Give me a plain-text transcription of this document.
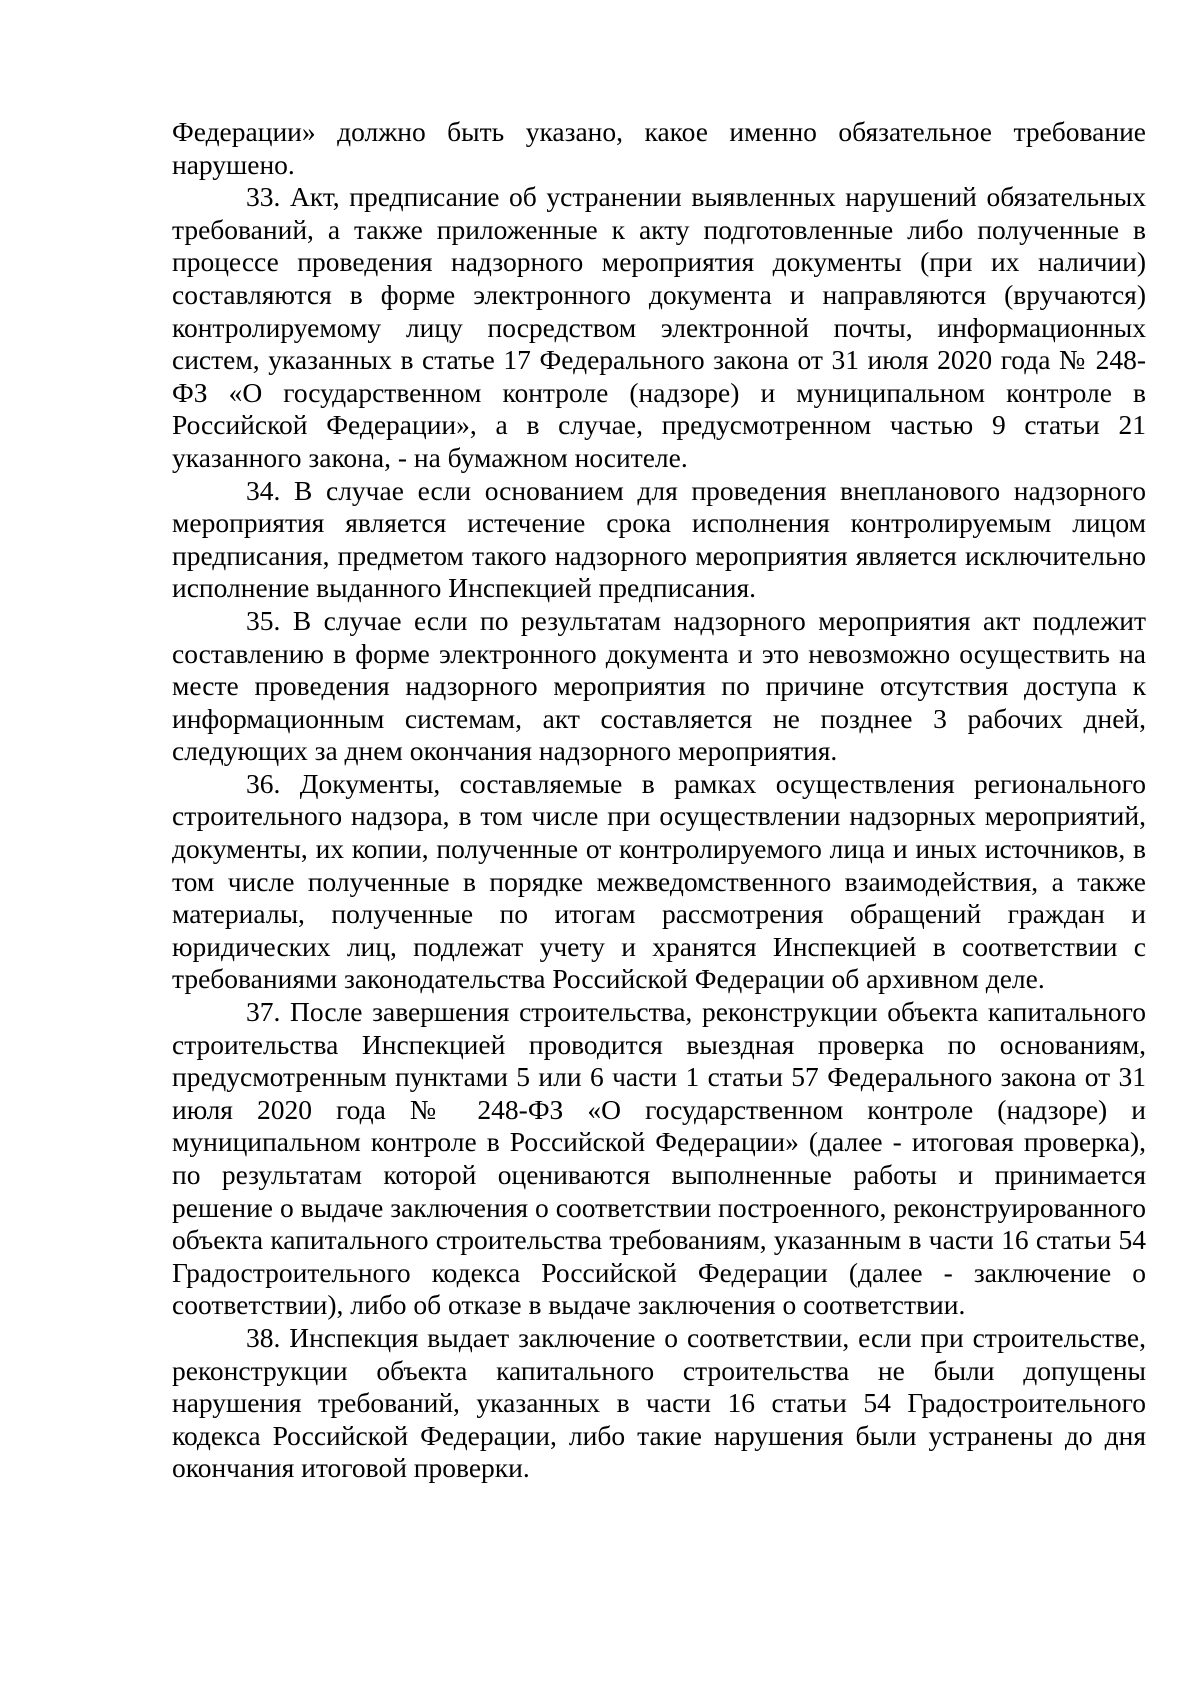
Федерации» должно быть указано, какое именно обязательное требование нарушено.

33. Акт, предписание об устранении выявленных нарушений обязательных требований, а также приложенные к акту подготовленные либо полученные в процессе проведения надзорного мероприятия документы (при их наличии) составляются в форме электронного документа и направляются (вручаются) контролируемому лицу посредством электронной почты, информационных систем, указанных в статье 17 Федерального закона от 31 июля 2020 года № 248-ФЗ «О государственном контроле (надзоре) и муниципальном контроле в Российской Федерации», а в случае, предусмотренном частью 9 статьи 21 указанного закона, - на бумажном носителе.

34. В случае если основанием для проведения внепланового надзорного мероприятия является истечение срока исполнения контролируемым лицом предписания, предметом такого надзорного мероприятия является исключительно исполнение выданного Инспекцией предписания.

35. В случае если по результатам надзорного мероприятия акт подлежит составлению в форме электронного документа и это невозможно осуществить на месте проведения надзорного мероприятия по причине отсутствия доступа к информационным системам, акт составляется не позднее 3 рабочих дней, следующих за днем окончания надзорного мероприятия.

36. Документы, составляемые в рамках осуществления регионального строительного надзора, в том числе при осуществлении надзорных мероприятий, документы, их копии, полученные от контролируемого лица и иных источников, в том числе полученные в порядке межведомственного взаимодействия, а также материалы, полученные по итогам рассмотрения обращений граждан и юридических лиц, подлежат учету и хранятся Инспекцией в соответствии с требованиями законодательства Российской Федерации об архивном деле.

37. После завершения строительства, реконструкции объекта капитального строительства Инспекцией проводится выездная проверка по основаниям, предусмотренным пунктами 5 или 6 части 1 статьи 57 Федерального закона от 31 июля 2020 года № 248-ФЗ «О государственном контроле (надзоре) и муниципальном контроле в Российской Федерации» (далее - итоговая проверка), по результатам которой оцениваются выполненные работы и принимается решение о выдаче заключения о соответствии построенного, реконструированного объекта капитального строительства требованиям, указанным в части 16 статьи 54 Градостроительного кодекса Российской Федерации (далее - заключение о соответствии), либо об отказе в выдаче заключения о соответствии.

38. Инспекция выдает заключение о соответствии, если при строительстве, реконструкции объекта капитального строительства не были допущены нарушения требований, указанных в части 16 статьи 54 Градостроительного кодекса Российской Федерации, либо такие нарушения были устранены до дня окончания итоговой проверки.
